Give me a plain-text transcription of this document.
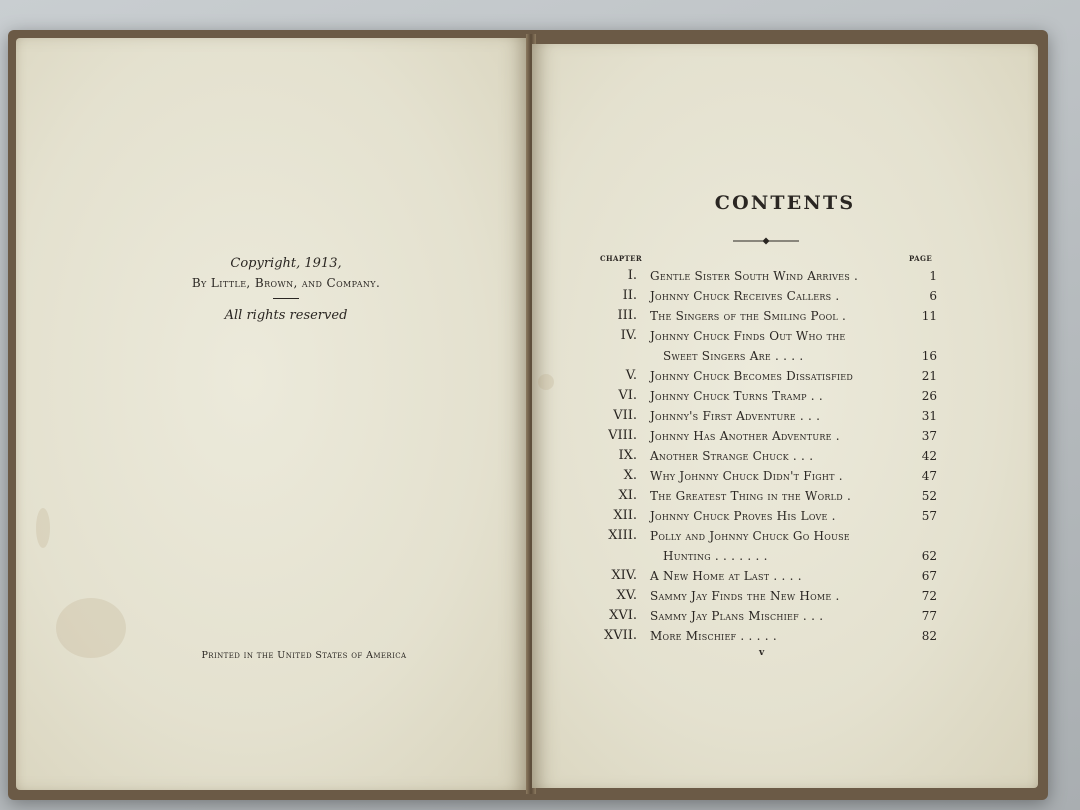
Copyright, 1913,

By Little, Brown, and Company.

All rights reserved

Printed in the United States of America
CONTENTS
CHAPTER	PAGE
I. Gentle Sister South Wind Arrives .	1
II. Johnny Chuck Receives Callers .	6
III. The Singers of the Smiling Pool .	11
IV. Johnny Chuck Finds Out Who the
Sweet Singers Are . . . .	16
V. Johnny Chuck Becomes Dissatisfied	21
VI. Johnny Chuck Turns Tramp . .	26
VII. Johnny's First Adventure . . .	31
VIII. Johnny Has Another Adventure .	37
IX. Another Strange Chuck . . .	42
X. Why Johnny Chuck Didn't Fight .	47
XI. The Greatest Thing in the World .	52
XII. Johnny Chuck Proves His Love .	57
XIII. Polly and Johnny Chuck Go House
Hunting . . . . . . .	62
XIV. A New Home at Last . . . .	67
XV. Sammy Jay Finds the New Home .	72
XVI. Sammy Jay Plans Mischief . . .	77
XVII. More Mischief . . . . .	82
v
